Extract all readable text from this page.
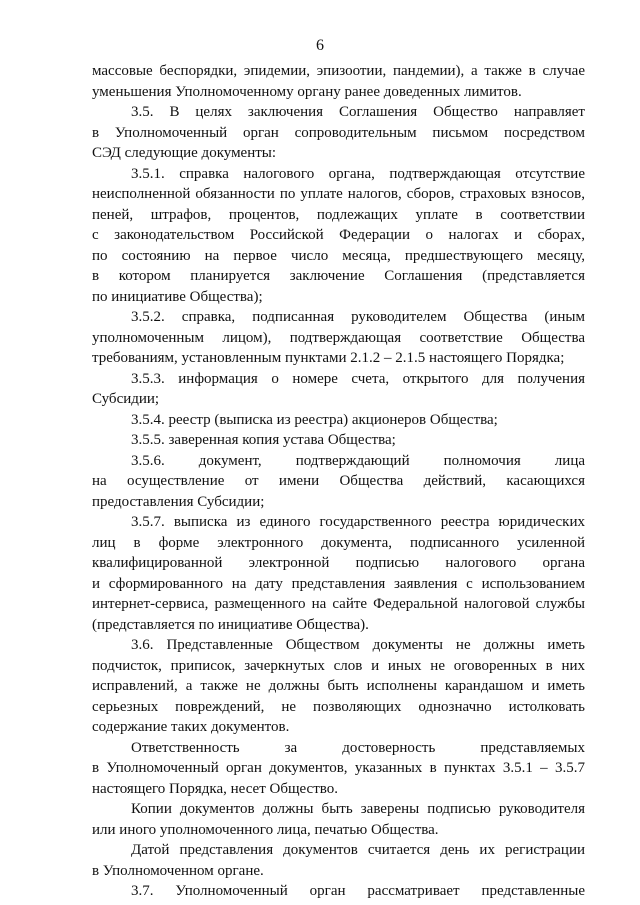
6
массовые беспорядки, эпидемии, эпизоотии, пандемии), а также в случае
уменьшения Уполномоченному органу ранее доведенных лимитов.
3.5. В целях заключения Соглашения Общество направляет
в Уполномоченный орган сопроводительным письмом посредством
СЭД следующие документы:
3.5.1. справка налогового органа, подтверждающая отсутствие
неисполненной обязанности по уплате налогов, сборов, страховых взносов,
пеней, штрафов, процентов, подлежащих уплате в соответствии
с законодательством Российской Федерации о налогах и сборах,
по состоянию на первое число месяца, предшествующего месяцу,
в котором планируется заключение Соглашения (представляется
по инициативе Общества);
3.5.2. справка, подписанная руководителем Общества (иным
уполномоченным лицом), подтверждающая соответствие Общества
требованиям, установленным пунктами 2.1.2 – 2.1.5 настоящего Порядка;
3.5.3. информация о номере счета, открытого для получения
Субсидии;
3.5.4. реестр (выписка из реестра) акционеров Общества;
3.5.5. заверенная копия устава Общества;
3.5.6. документ, подтверждающий полномочия лица
на осуществление от имени Общества действий, касающихся
предоставления Субсидии;
3.5.7. выписка из единого государственного реестра юридических
лиц в форме электронного документа, подписанного усиленной
квалифицированной электронной подписью налогового органа
и сформированного на дату представления заявления с использованием
интернет-сервиса, размещенного на сайте Федеральной налоговой службы
(представляется по инициативе Общества).
3.6. Представленные Обществом документы не должны иметь
подчисток, приписок, зачеркнутых слов и иных не оговоренных в них
исправлений, а также не должны быть исполнены карандашом и иметь
серьезных повреждений, не позволяющих однозначно истолковать
содержание таких документов.
Ответственность за достоверность представляемых
в Уполномоченный орган документов, указанных в пунктах 3.5.1 – 3.5.7
настоящего Порядка, несет Общество.
Копии документов должны быть заверены подписью руководителя
или иного уполномоченного лица, печатью Общества.
Датой представления документов считается день их регистрации
в Уполномоченном органе.
3.7. Уполномоченный орган рассматривает представленные
